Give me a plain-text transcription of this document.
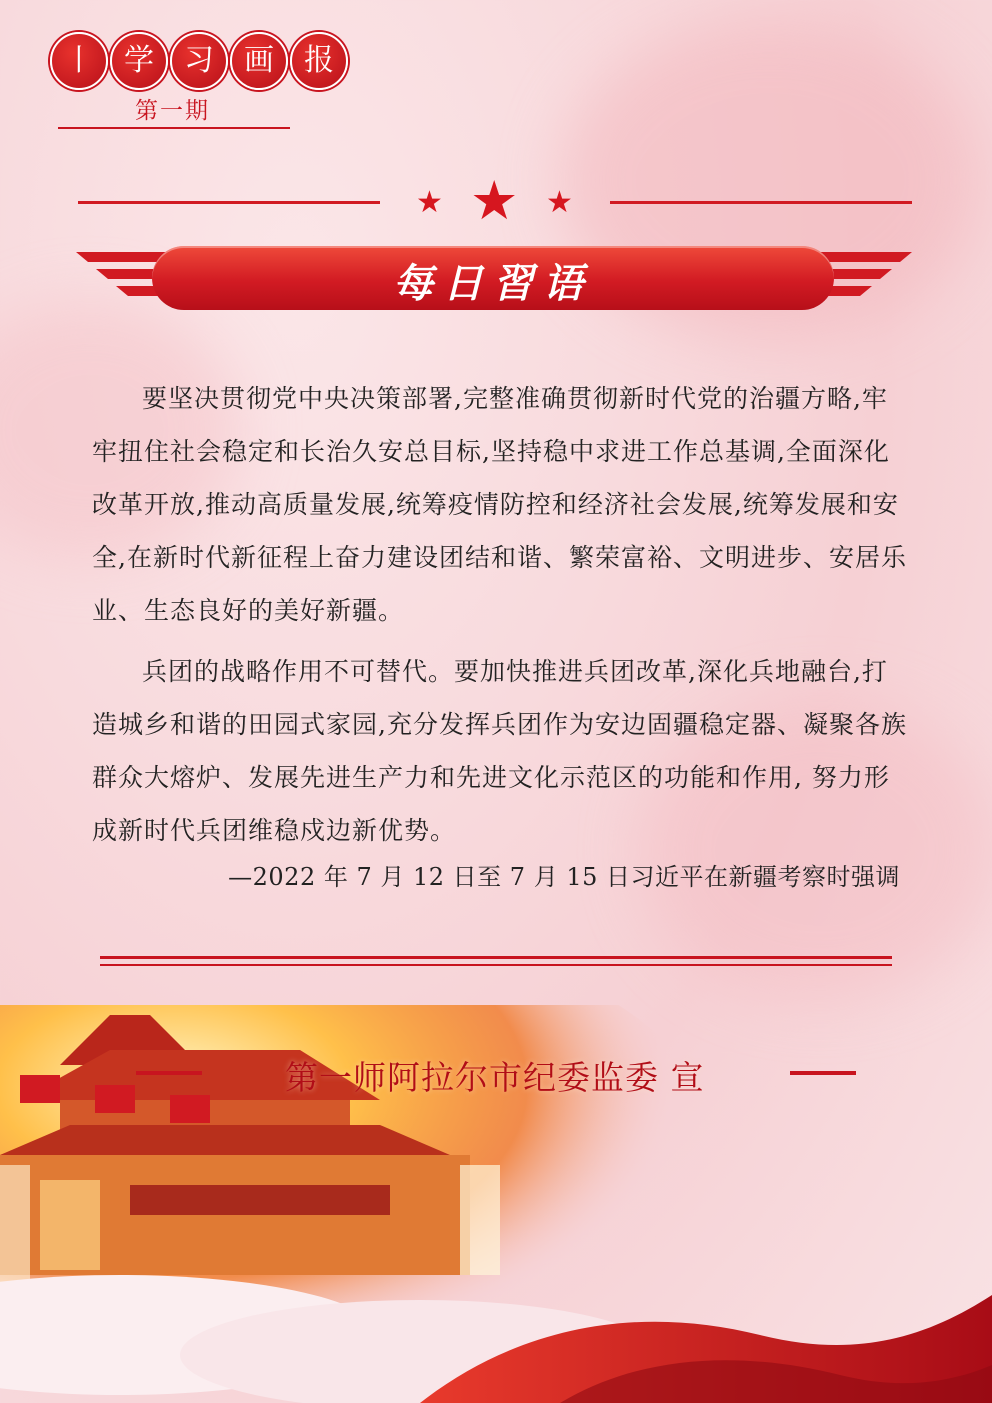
丨	学	习	画	报
第一期
★ ★ ★
每日習语

要坚决贯彻党中央决策部署,完整准确贯彻新时代党的治疆方略,牢牢扭住社会稳定和长治久安总目标,坚持稳中求进工作总基调,全面深化改革开放,推动高质量发展,统筹疫情防控和经济社会发展,统筹发展和安全,在新时代新征程上奋力建设团结和谐、繁荣富裕、文明进步、安居乐业、生态良好的美好新疆。

兵团的战略作用不可替代。要加快推进兵团改革,深化兵地融台,打造城乡和谐的田园式家园,充分发挥兵团作为安边固疆稳定器、凝聚各族群众大熔炉、发展先进生产力和先进文化示范区的功能和作用, 努力形成新时代兵团维稳戍边新优势。

—2022 年 7 月 12 日至 7 月 15 日习近平在新疆考察时强调
第一师阿拉尔市纪委监委 宣
